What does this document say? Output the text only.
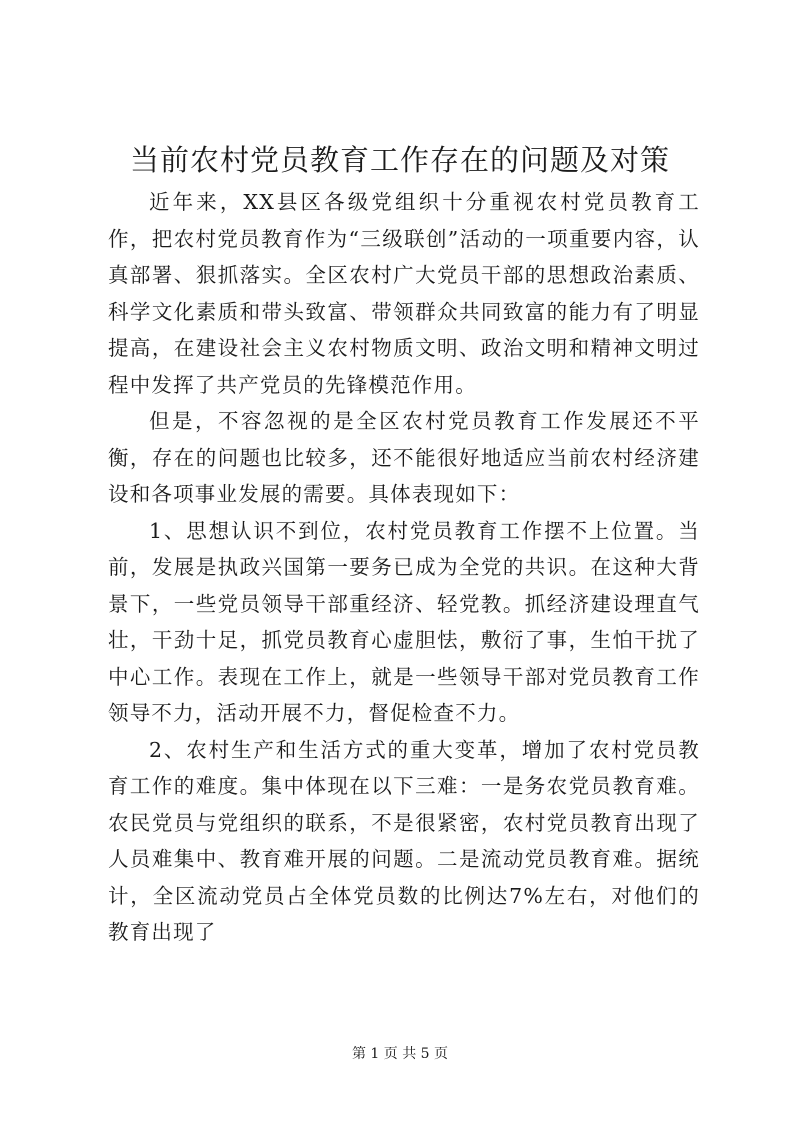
当前农村党员教育工作存在的问题及对策

近年来，XX县区各级党组织十分重视农村党员教育工作，把农村党员教育作为“三级联创”活动的一项重要内容，认真部署、狠抓落实。全区农村广大党员干部的思想政治素质、科学文化素质和带头致富、带领群众共同致富的能力有了明显提高，在建设社会主义农村物质文明、政治文明和精神文明过程中发挥了共产党员的先锋模范作用。

但是，不容忽视的是全区农村党员教育工作发展还不平衡，存在的问题也比较多，还不能很好地适应当前农村经济建设和各项事业发展的需要。具体表现如下：

1、思想认识不到位，农村党员教育工作摆不上位置。当前，发展是执政兴国第一要务已成为全党的共识。在这种大背景下，一些党员领导干部重经济、轻党教。抓经济建设理直气壮，干劲十足，抓党员教育心虚胆怯，敷衍了事，生怕干扰了中心工作。表现在工作上，就是一些领导干部对党员教育工作领导不力，活动开展不力，督促检查不力。

2、农村生产和生活方式的重大变革，增加了农村党员教育工作的难度。集中体现在以下三难：一是务农党员教育难。农民党员与党组织的联系，不是很紧密，农村党员教育出现了人员难集中、教育难开展的问题。二是流动党员教育难。据统计，全区流动党员占全体党员数的比例达7%左右，对他们的教育出现了

第 1 页 共 5 页
